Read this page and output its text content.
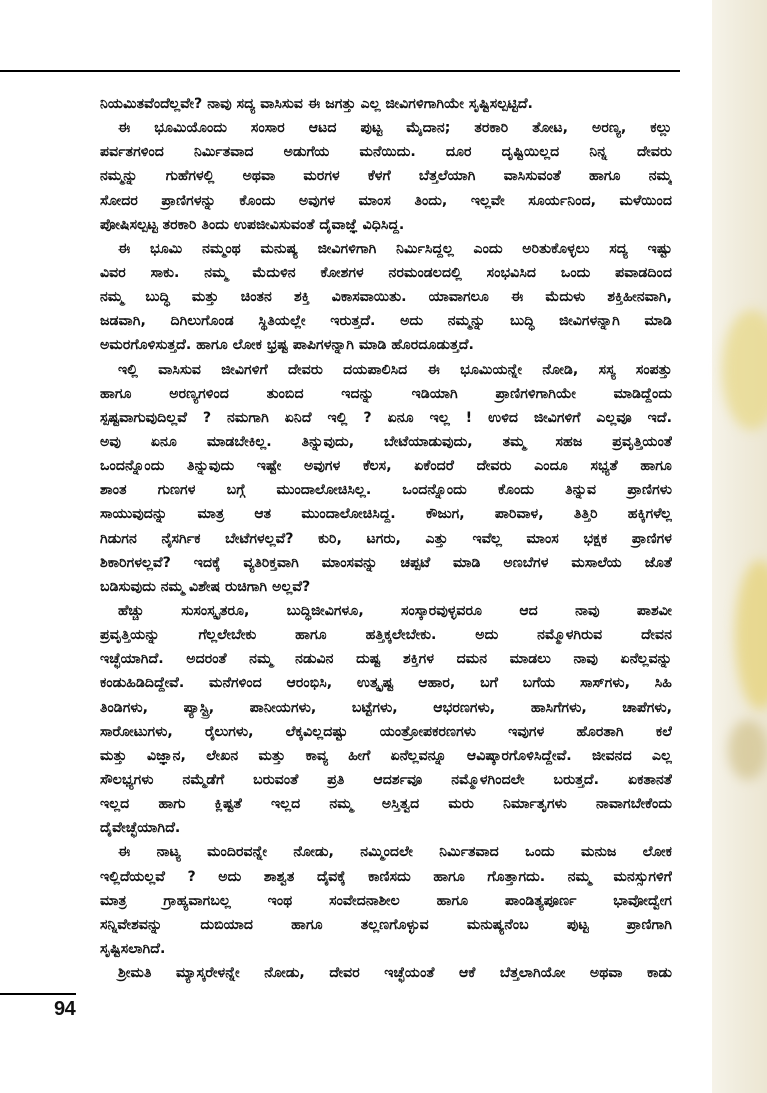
ನಿಯಮಿತವೆಂದೆಲ್ಲವೇ? ನಾವು ಸದ್ಯ ವಾಸಿಸುವ ಈ ಜಗತ್ತು ಎಲ್ಲ ಜೀವಿಗಳಿಗಾಗಿಯೇ ಸೃಷ್ಟಿಸಲ್ಪಟ್ಟಿದೆ.
ಈ ಭೂಮಿಯೊಂದು ಸಂಸಾರ ಆಟದ ಪುಟ್ಟ ಮೈದಾನ; ತರಕಾರಿ ತೋಟ, ಅರಣ್ಯ, ಕಲ್ಲು
ಪರ್ವತಗಳಿಂದ ನಿರ್ಮಿತವಾದ ಅಡುಗೆಯ ಮನೆಯಿದು. ದೂರ ದೃಷ್ಟಿಯಿಲ್ಲದ ನಿನ್ನ ದೇವರು
ನಮ್ಮನ್ನು ಗುಹೆಗಳಲ್ಲಿ ಅಥವಾ ಮರಗಳ ಕೆಳಗೆ ಬೆತ್ತಲೆಯಾಗಿ ವಾಸಿಸುವಂತೆ ಹಾಗೂ ನಮ್ಮ
ಸೋದರ ಪ್ರಾಣಿಗಳನ್ನು ಕೊಂದು ಅವುಗಳ ಮಾಂಸ ತಿಂದು, ಇಲ್ಲವೇ ಸೂರ್ಯನಿಂದ, ಮಳೆಯಿಂದ
ಪೋಷಿಸಲ್ಪಟ್ಟ ತರಕಾರಿ ತಿಂದು ಉಪಜೀವಿಸುವಂತೆ ದೈವಾಜ್ಞೆ ವಿಧಿಸಿದ್ದ.
ಈ ಭೂಮಿ ನಮ್ಮಂಥ ಮನುಷ್ಯ ಜೀವಿಗಳಿಗಾಗಿ ನಿರ್ಮಿಸಿದ್ದಲ್ಲ ಎಂದು ಅರಿತುಕೊಳ್ಳಲು ಸದ್ಯ ಇಷ್ಟು
ವಿವರ ಸಾಕು. ನಮ್ಮ ಮೆದುಳಿನ ಕೋಶಗಳ ನರಮಂಡಲದಲ್ಲಿ ಸಂಭವಿಸಿದ ಒಂದು ಪವಾಡದಿಂದ
ನಮ್ಮ ಬುದ್ಧಿ ಮತ್ತು ಚಿಂತನ ಶಕ್ತಿ ವಿಕಾಸವಾಯಿತು. ಯಾವಾಗಲೂ ಈ ಮೆದುಳು ಶಕ್ತಿಹೀನವಾಗಿ,
ಜಡವಾಗಿ, ದಿಗಿಲುಗೊಂಡ ಸ್ಥಿತಿಯಲ್ಲೇ ಇರುತ್ತದೆ. ಅದು ನಮ್ಮನ್ನು ಬುದ್ಧಿ ಜೀವಿಗಳನ್ನಾಗಿ ಮಾಡಿ
ಅಮರಗೊಳಿಸುತ್ತದೆ. ಹಾಗೂ ಲೋಕ ಭ್ರಷ್ಟ ಪಾಪಿಗಳನ್ನಾಗಿ ಮಾಡಿ ಹೊರದೂಡುತ್ತದೆ.
ಇಲ್ಲಿ ವಾಸಿಸುವ ಜೀವಿಗಳಿಗೆ ದೇವರು ದಯಪಾಲಿಸಿದ ಈ ಭೂಮಿಯನ್ನೇ ನೋಡಿ, ಸಸ್ಯ ಸಂಪತ್ತು
ಹಾಗೂ ಅರಣ್ಯಗಳಿಂದ ತುಂಬಿದ ಇದನ್ನು ಇಡಿಯಾಗಿ ಪ್ರಾಣಿಗಳಿಗಾಗಿಯೇ ಮಾಡಿದ್ದೆಂದು
ಸ್ಪಷ್ಟವಾಗುವುದಿಲ್ಲವೆ ? ನಮಗಾಗಿ ಏನಿದೆ ಇಲ್ಲಿ ? ಏನೂ ಇಲ್ಲ ! ಉಳಿದ ಜೀವಿಗಳಿಗೆ ಎಲ್ಲವೂ ಇದೆ.
ಅವು ಏನೂ ಮಾಡಬೇಕಿಲ್ಲ. ತಿನ್ನುವುದು, ಬೇಟೆಯಾಡುವುದು, ತಮ್ಮ ಸಹಜ ಪ್ರವೃತ್ತಿಯಂತೆ
ಒಂದನ್ನೊಂದು ತಿನ್ನುವುದು ಇಷ್ಟೇ ಅವುಗಳ ಕೆಲಸ, ಏಕೆಂದರೆ ದೇವರು ಎಂದೂ ಸಭ್ಯತೆ ಹಾಗೂ
ಶಾಂತ ಗುಣಗಳ ಬಗ್ಗೆ ಮುಂದಾಲೋಚಿಸಿಲ್ಲ. ಒಂದನ್ನೊಂದು ಕೊಂದು ತಿನ್ನುವ ಪ್ರಾಣಿಗಳು
ಸಾಯುವುದನ್ನು ಮಾತ್ರ ಆತ ಮುಂದಾಲೋಚಿಸಿದ್ದ. ಕೌಜುಗ, ಪಾರಿವಾಳ, ತಿತ್ತಿರಿ ಹಕ್ಕಿಗಳೆಲ್ಲ
ಗಿಡುಗನ ನೈಸರ್ಗಿಕ ಬೇಟೆಗಳಲ್ಲವೆ? ಕುರಿ, ಟಗರು, ಎತ್ತು ಇವೆಲ್ಲ ಮಾಂಸ ಭಕ್ಷಕ ಪ್ರಾಣಿಗಳ
ಶಿಕಾರಿಗಳಲ್ಲವೆ? ಇದಕ್ಕೆ ವ್ಯತಿರಿಕ್ತವಾಗಿ ಮಾಂಸವನ್ನು ಚಪ್ಪಟೆ ಮಾಡಿ ಅಣಬೆಗಳ ಮಸಾಲೆಯ ಜೊತೆ
ಬಡಿಸುವುದು ನಮ್ಮ ವಿಶೇಷ ರುಚಿಗಾಗಿ ಅಲ್ಲವೆ?
ಹೆಚ್ಚು ಸುಸಂಸ್ಕೃತರೂ, ಬುದ್ಧಿಜೀವಿಗಳೂ, ಸಂಸ್ಕಾರವುಳ್ಳವರೂ ಆದ ನಾವು ಪಾಶವೀ
ಪ್ರವೃತ್ತಿಯನ್ನು ಗೆಲ್ಲಲೇಬೇಕು ಹಾಗೂ ಹತ್ತಿಕ್ಕಲೇಬೇಕು. ಅದು ನಮ್ಮೊಳಗಿರುವ ದೇವನ
ಇಚ್ಛೆಯಾಗಿದೆ. ಅದರಂತೆ ನಮ್ಮ ನಡುವಿನ ದುಷ್ಟ ಶಕ್ತಿಗಳ ದಮನ ಮಾಡಲು ನಾವು ಏನೆಲ್ಲವನ್ನು
ಕಂಡುಹಿಡಿದಿದ್ದೇವೆ. ಮನೆಗಳಿಂದ ಆರಂಭಿಸಿ, ಉತ್ಕೃಷ್ಟ ಆಹಾರ, ಬಗೆ ಬಗೆಯ ಸಾಸ್‌ಗಳು, ಸಿಹಿ
ತಿಂಡಿಗಳು, ಪ್ಯಾಸ್ಟ್ರಿ, ಪಾನೀಯಗಳು, ಬಟ್ಟೆಗಳು, ಆಭರಣಗಳು, ಹಾಸಿಗೆಗಳು, ಚಾಪೆಗಳು,
ಸಾರೋಟುಗಳು, ರೈಲುಗಳು, ಲೆಕ್ಕವಿಲ್ಲದಷ್ಟು ಯಂತ್ರೋಪಕರಣಗಳು ಇವುಗಳ ಹೊರತಾಗಿ ಕಲೆ
ಮತ್ತು ವಿಜ್ಞಾನ, ಲೇಖನ ಮತ್ತು ಕಾವ್ಯ ಹೀಗೆ ಏನೆಲ್ಲವನ್ನೂ ಆವಿಷ್ಕಾರಗೊಳಿಸಿದ್ದೇವೆ. ಜೀವನದ ಎಲ್ಲ
ಸೌಲಭ್ಯಗಳು ನಮ್ಮೆಡೆಗೆ ಬರುವಂತೆ ಪ್ರತಿ ಆದರ್ಶವೂ ನಮ್ಮೊಳಗಿಂದಲೇ ಬರುತ್ತದೆ. ಏಕತಾನತೆ
ಇಲ್ಲದ ಹಾಗು ಕ್ಲಿಷ್ಟತೆ ಇಲ್ಲದ ನಮ್ಮ ಅಸ್ತಿತ್ವದ ಮರು ನಿರ್ಮಾತೃಗಳು ನಾವಾಗಬೇಕೆಂದು
ದೈವೇಚ್ಛೆಯಾಗಿದೆ.
ಈ ನಾಟ್ಯ ಮಂದಿರವನ್ನೇ ನೋಡು, ನಮ್ಮಿಂದಲೇ ನಿರ್ಮಿತವಾದ ಒಂದು ಮನುಜ ಲೋಕ
ಇಲ್ಲಿದೆಯಲ್ಲವೆ ? ಅದು ಶಾಶ್ವತ ದೈವಕ್ಕೆ ಕಾಣಿಸದು ಹಾಗೂ ಗೊತ್ತಾಗದು. ನಮ್ಮ ಮನಸ್ಸುಗಳಿಗೆ
ಮಾತ್ರ ಗ್ರಾಹ್ಯವಾಗಬಲ್ಲ ಇಂಥ ಸಂವೇದನಾಶೀಲ ಹಾಗೂ ಪಾಂಡಿತ್ಯಪೂರ್ಣ ಭಾವೋದ್ವೇಗ
ಸನ್ನಿವೇಶವನ್ನು ದುಬಿಯಾದ ಹಾಗೂ ತಲ್ಲಣಗೊಳ್ಳುವ ಮನುಷ್ಯನೆಂಬ ಪುಟ್ಟ ಪ್ರಾಣಿಗಾಗಿ
ಸೃಷ್ಟಿಸಲಾಗಿದೆ.
ಶ್ರೀಮತಿ ಮ್ಯಾಸ್ಕರೇಳನ್ನೇ ನೋಡು, ದೇವರ ಇಚ್ಛೆಯಂತೆ ಆಕೆ ಬೆತ್ತಲಾಗಿಯೋ ಅಥವಾ ಕಾಡು
94
